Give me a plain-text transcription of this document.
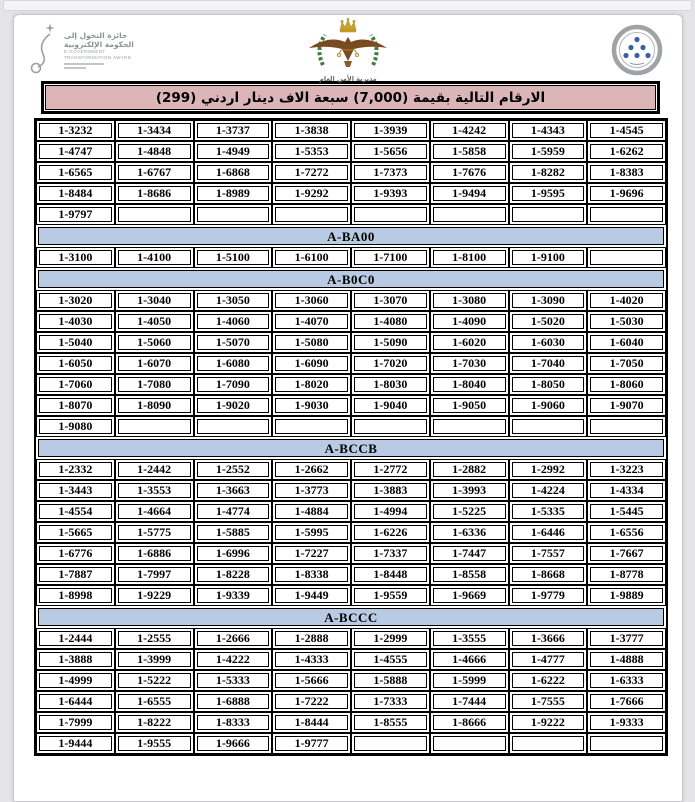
جائزة التحول إلى
الحكومة الإلكترونية
E-GOVERNMENT
TRANSFORMATION AWARD
مديرية الأمن العام
الارقام التالية بقيمة (7,000) سبعة الاف دينار اردني (299)
1-3232	1-3434	1-3737	1-3838	1-3939	1-4242	1-4343	1-4545
1-4747	1-4848	1-4949	1-5353	1-5656	1-5858	1-5959	1-6262
1-6565	1-6767	1-6868	1-7272	1-7373	1-7676	1-8282	1-8383
1-8484	1-8686	1-8989	1-9292	1-9393	1-9494	1-9595	1-9696
1-9797
A-BA00
1-3100	1-4100	1-5100	1-6100	1-7100	1-8100	1-9100
A-B0C0
1-3020	1-3040	1-3050	1-3060	1-3070	1-3080	1-3090	1-4020
1-4030	1-4050	1-4060	1-4070	1-4080	1-4090	1-5020	1-5030
1-5040	1-5060	1-5070	1-5080	1-5090	1-6020	1-6030	1-6040
1-6050	1-6070	1-6080	1-6090	1-7020	1-7030	1-7040	1-7050
1-7060	1-7080	1-7090	1-8020	1-8030	1-8040	1-8050	1-8060
1-8070	1-8090	1-9020	1-9030	1-9040	1-9050	1-9060	1-9070
1-9080
A-BCCB
1-2332	1-2442	1-2552	1-2662	1-2772	1-2882	1-2992	1-3223
1-3443	1-3553	1-3663	1-3773	1-3883	1-3993	1-4224	1-4334
1-4554	1-4664	1-4774	1-4884	1-4994	1-5225	1-5335	1-5445
1-5665	1-5775	1-5885	1-5995	1-6226	1-6336	1-6446	1-6556
1-6776	1-6886	1-6996	1-7227	1-7337	1-7447	1-7557	1-7667
1-7887	1-7997	1-8228	1-8338	1-8448	1-8558	1-8668	1-8778
1-8998	1-9229	1-9339	1-9449	1-9559	1-9669	1-9779	1-9889
A-BCCC
1-2444	1-2555	1-2666	1-2888	1-2999	1-3555	1-3666	1-3777
1-3888	1-3999	1-4222	1-4333	1-4555	1-4666	1-4777	1-4888
1-4999	1-5222	1-5333	1-5666	1-5888	1-5999	1-6222	1-6333
1-6444	1-6555	1-6888	1-7222	1-7333	1-7444	1-7555	1-7666
1-7999	1-8222	1-8333	1-8444	1-8555	1-8666	1-9222	1-9333
1-9444	1-9555	1-9666	1-9777
